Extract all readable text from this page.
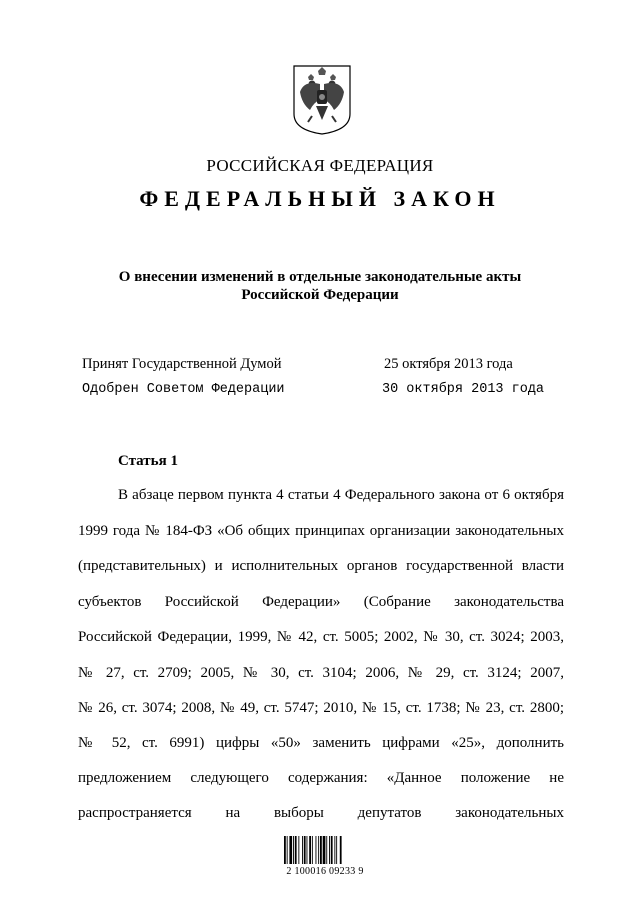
РОССИЙСКАЯ ФЕДЕРАЦИЯ
ФЕДЕРАЛЬНЫЙ ЗАКОН
О внесении изменений в отдельные законодательные акты
Российской Федерации
Принят Государственной Думой	25 октября 2013 года
Одобрен Советом Федерации	30 октября 2013 года
Статья 1
В абзаце первом пункта 4 статьи 4 Федерального закона от 6 октября
1999 года № 184-ФЗ «Об общих принципах организации законодательных
(представительных) и исполнительных органов государственной власти
субъектов Российской Федерации» (Собрание законодательства
Российской Федерации, 1999, № 42, ст. 5005; 2002, № 30, ст. 3024; 2003,
№ 27, ст. 2709; 2005, № 30, ст. 3104; 2006, № 29, ст. 3124; 2007,
№ 26, ст. 3074; 2008, № 49, ст. 5747; 2010, № 15, ст. 1738; № 23, ст. 2800;
№ 52, ст. 6991) цифры «50» заменить цифрами «25», дополнить
предложением следующего содержания: «Данное положение не
распространяется на выборы депутатов законодательных
2 100016 09233 9
